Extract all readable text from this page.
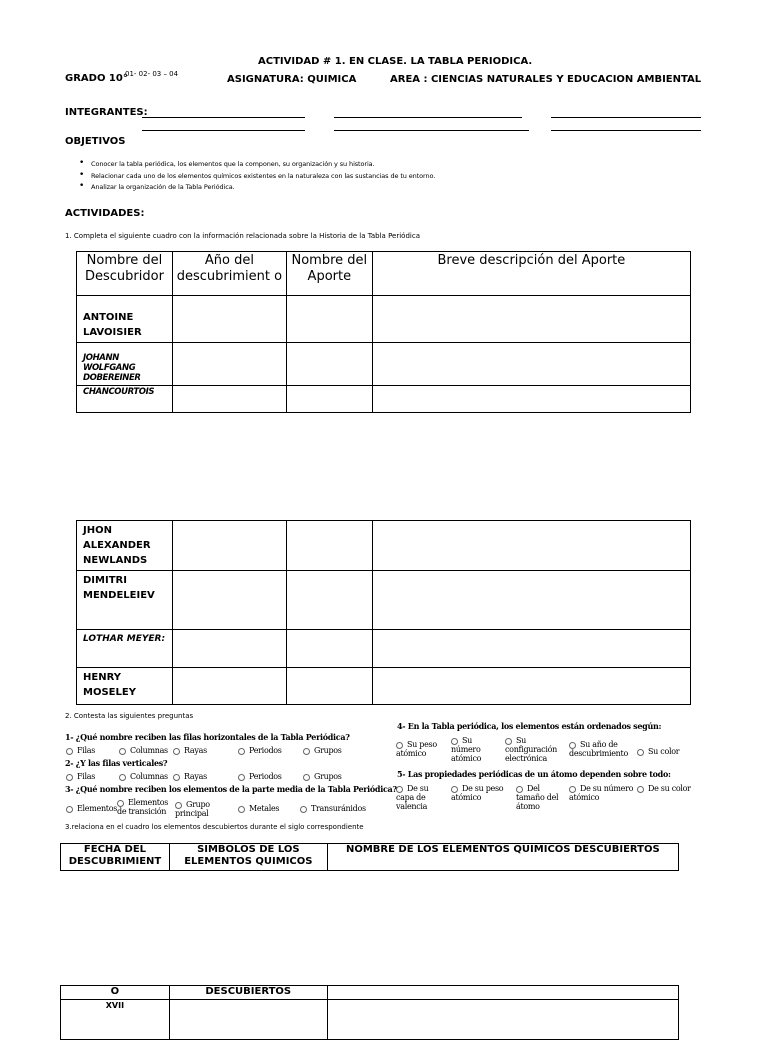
ACTIVIDAD # 1. EN CLASE. LA TABLA PERIODICA.
GRADO 10°
01- 02- 03 – 04	ASIGNATURA: QUIMICA	AREA : CIENCIAS NATURALES Y EDUCACION AMBIENTAL
INTEGRANTES:
OBJETIVOS
• Conocer la tabla periódica, los elementos que la componen, su organización y su historia.
• Relacionar cada uno de los elementos químicos existentes en la naturaleza con las sustancias de tu entorno.
• Analizar la organización de la Tabla Periódica.
ACTIVIDADES:
1. Completa el siguiente cuadro con la información relacionada sobre la Historia de la Tabla Periódica
Nombre del Descubridor	Año del descubrimient o	Nombre del Aporte	Breve descripción del Aporte
ANTOINE LAVOISIER			
JOHANN WOLFGANG DOBEREINER			
CHANCOURTOIS			
JHON ALEXANDER NEWLANDS			
DIMITRI MENDELEIEV			
LOTHAR MEYER:			
HENRY MOSELEY			
2. Contesta las siguientes preguntas
1- ¿Qué nombre reciben las filas horizontales de la Tabla Periódica?
Filas	Columnas	Rayas	Periodos	Grupos
2- ¿Y las filas verticales?
Filas	Columnas	Rayas	Periodos	Grupos
3- ¿Qué nombre reciben los elementos de la parte media de la Tabla Periódica?
Elementos
Elementos de transición
Grupo principal
Metales	Transuránidos
4- En la Tabla periódica, los elementos están ordenados según:
Su peso atómico
Su número atómico
Su configuración electrónica
Su año de descubrimiento	Su color
5- Las propiedades periódicas de un átomo dependen sobre todo:
De su capa de valencia
De su peso atómico
Del tamaño del átomo
De su número atómico
De su color
3.relaciona en el cuadro los elementos descubiertos durante el siglo correspondiente
FECHA DEL DESCUBRIMIENT	SIMBOLOS DE LOS ELEMENTOS QUIMICOS	NOMBRE DE LOS ELEMENTOS QUIMICOS DESCUBIERTOS
O	DESCUBIERTOS	
XVII		
